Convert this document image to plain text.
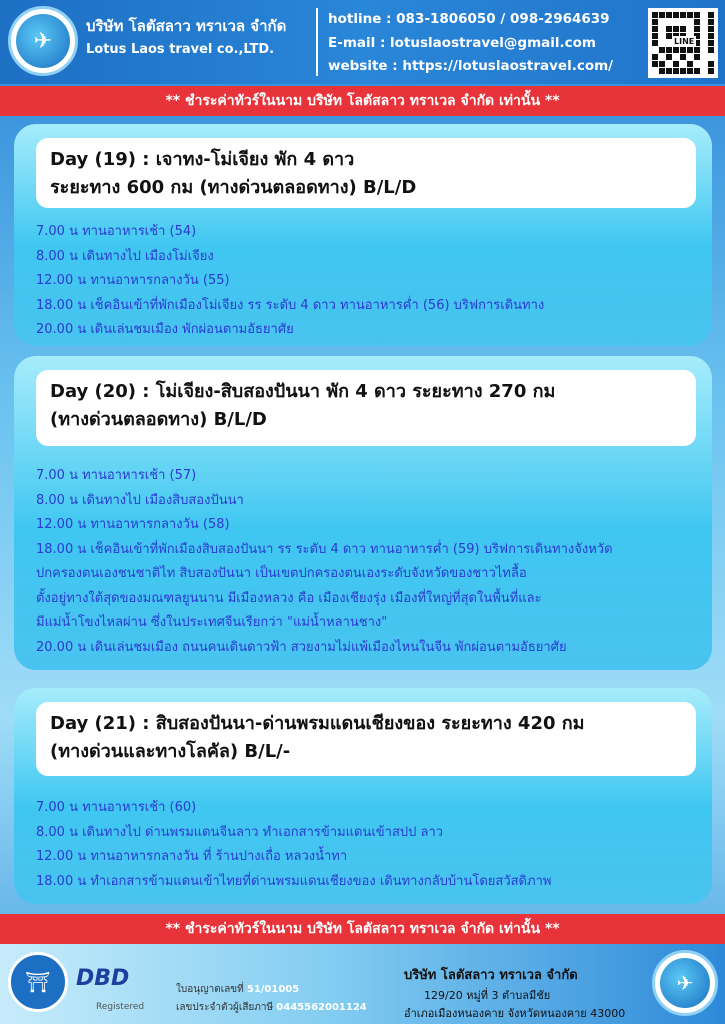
✈
บริษัท โลตัสลาว ทราเวล จำกัด
Lotus Laos travel co.,LTD.
hotline : 083-1806050 / 098-2964639
E-mail : lotuslaostravel@gmail.com
website : https://lotuslaostravel.com/
LINE
** ชำระค่าทัวร์ในนาม บริษัท โลตัสลาว ทราเวล จำกัด เท่านั้น **
Day (19) : เจาทง-โม่เจียง พัก 4 ดาว
ระยะทาง 600 กม (ทางด่วนตลอดทาง) B/L/D
7.00 น ทานอาหารเช้า (54)
8.00 น เดินทางไป เมืองโม่เจียง
12.00 น ทานอาหารกลางวัน (55)
18.00 น เช็คอินเข้าที่พักเมืองโม่เจียง รร ระดับ 4 ดาว ทานอาหารค่ำ (56) บริฟการเดินทาง
20.00 น เดินเล่นชมเมือง พักผ่อนตามอัธยาศัย
Day (20) : โม่เจียง-สิบสองปันนา พัก 4 ดาว ระยะทาง 270 กม
(ทางด่วนตลอดทาง) B/L/D
7.00 น ทานอาหารเช้า (57)
8.00 น เดินทางไป เมืองสิบสองปันนา
12.00 น ทานอาหารกลางวัน (58)
18.00 น เช็คอินเข้าที่พักเมืองสิบสองปันนา รร ระดับ 4 ดาว ทานอาหารค่ำ (59) บริฟการเดินทางจังหวัด
ปกครองตนเองชนชาติไท สิบสองปันนา เป็นเขตปกครองตนเองระดับจังหวัดของชาวไทลื้อ
ตั้งอยู่ทางใต้สุดของมณฑลยูนนาน มีเมืองหลวง คือ เมืองเชียงรุ่ง เมืองที่ใหญ่ที่สุดในพื้นที่และ
มีแม่น้ำโขงไหลผ่าน ซึ่งในประเทศจีนเรียกว่า "แม่น้ำหลานชาง"
20.00 น เดินเล่นชมเมือง ถนนคนเดินดาวฟ้า สวยงามไม่แพ้เมืองไหนในจีน พักผ่อนตามอัธยาศัย
Day (21) : สิบสองปันนา-ด่านพรมแดนเชียงของ ระยะทาง 420 กม
(ทางด่วนและทางโลคัล) B/L/-
7.00 น ทานอาหารเช้า (60)
8.00 น เดินทางไป ด่านพรมแดนจีนลาว ทำเอกสารข้ามแดนเข้าสปป ลาว
12.00 น ทานอาหารกลางวัน ที่ ร้านปางเถื่อ หลวงน้ำทา
18.00 น ทำเอกสารข้ามแดนเข้าไทยที่ด่านพรมแดนเชียงของ เดินทางกลับบ้านโดยสวัสดิภาพ
** ชำระค่าทัวร์ในนาม บริษัท โลตัสลาว ทราเวล จำกัด เท่านั้น **
⛩	DBD
Registered
ใบอนุญาตเลขที่ 51/01005
เลขประจำตัวผู้เสียภาษี 0445562001124
บริษัท โลตัสลาว ทราเวล จำกัด
129/20 หมู่ที่ 3 ตำบลมีชัย
อำเภอเมืองหนองคาย จังหวัดหนองคาย 43000
✈
